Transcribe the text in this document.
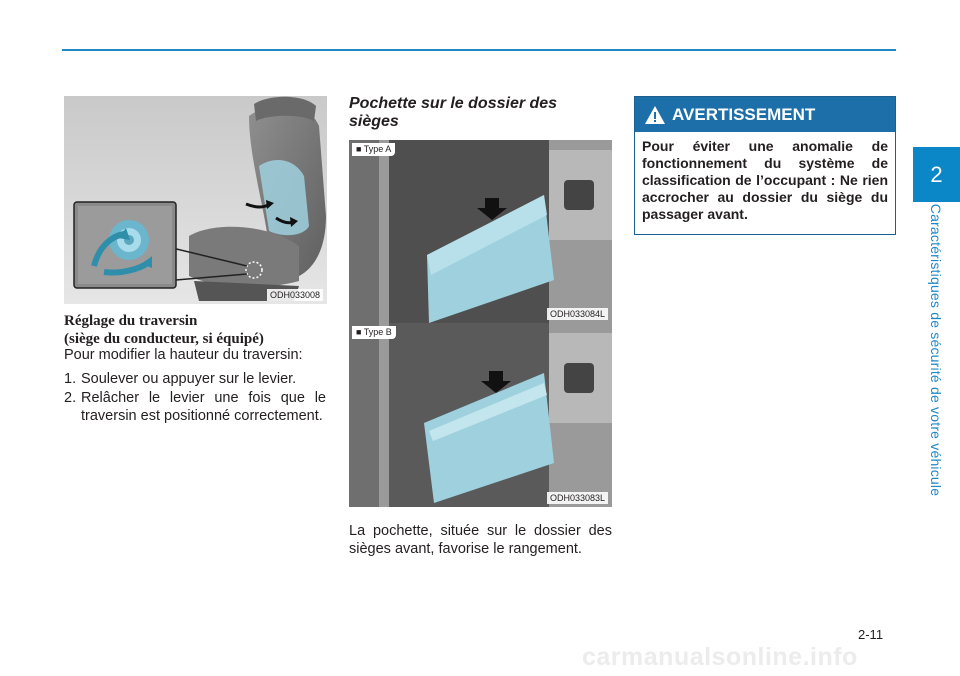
2
Caractéristiques de sécurité de votre véhicule
ODH033008
Réglage du traversin
(siège du conducteur, si équipé)
Pour modifier la hauteur du traversin:
1. Soulever ou appuyer sur le levier.
2. Relâcher le levier une fois que le traversin est positionné correctement.
Pochette sur le dossier des sièges
■ Type A
ODH033084L
■ Type B
ODH033083L
La pochette, située sur le dossier des sièges avant, favorise le rangement.
AVERTISSEMENT
Pour éviter une anomalie de fonctionnement du système de classification de l’occupant : Ne rien accrocher au dossier du siège du passager avant.
2-11
carmanualsonline.info
